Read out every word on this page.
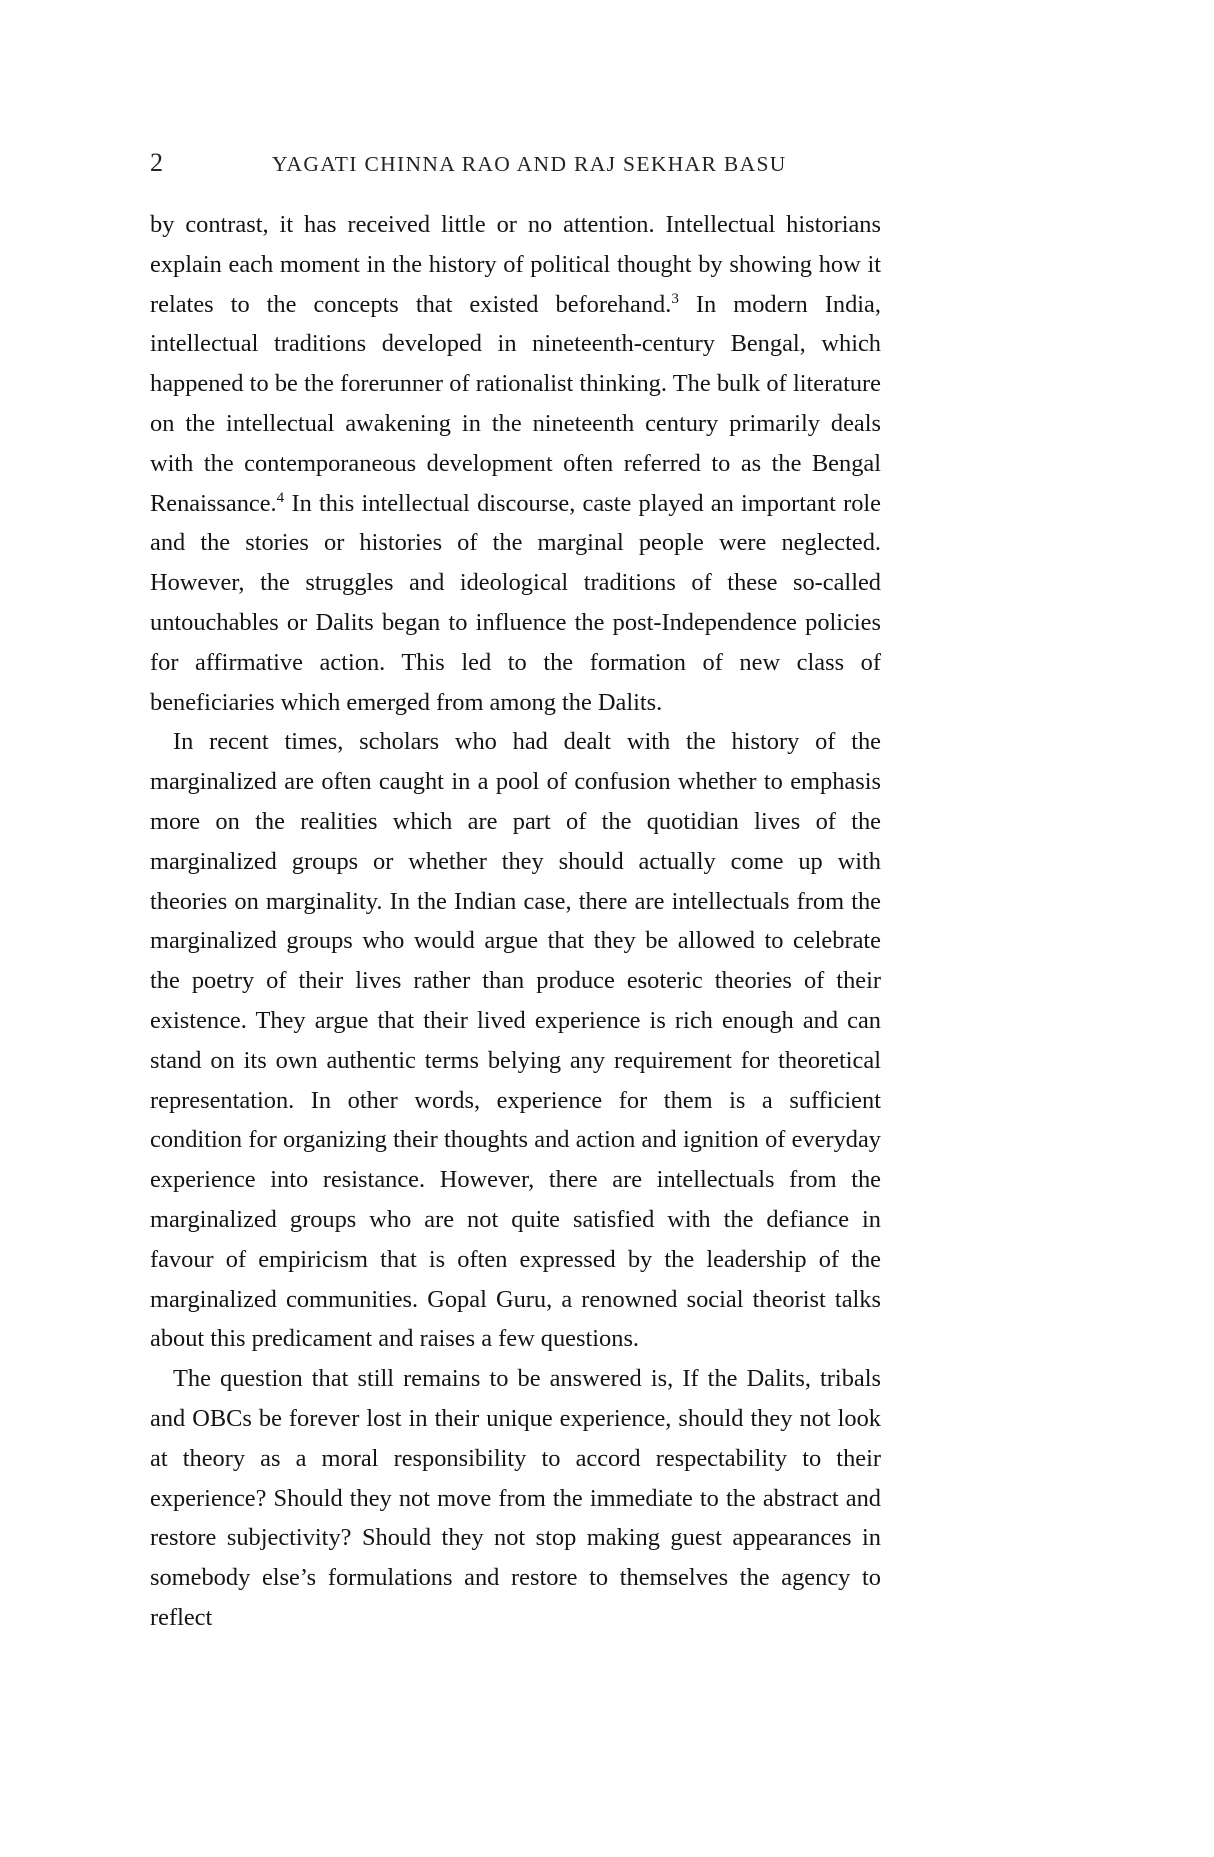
2	YAGATI CHINNA RAO AND RAJ SEKHAR BASU

by contrast, it has received little or no attention. Intellectual historians explain each moment in the history of political thought by showing how it relates to the concepts that existed beforehand.$^3$ In modern India, intellectual traditions developed in nineteenth-century Bengal, which happened to be the forerunner of rationalist thinking. The bulk of literature on the intellectual awakening in the nineteenth century primarily deals with the contemporaneous development often referred to as the Bengal Renaissance.$^4$ In this intellectual discourse, caste played an important role and the stories or histories of the marginal people were neglected. However, the struggles and ideological traditions of these so-called untouchables or Dalits began to influence the post-Independence policies for affirmative action. This led to the formation of new class of beneficiaries which emerged from among the Dalits.

In recent times, scholars who had dealt with the history of the marginalized are often caught in a pool of confusion whether to emphasis more on the realities which are part of the quotidian lives of the marginalized groups or whether they should actually come up with theories on marginality. In the Indian case, there are intellectuals from the marginalized groups who would argue that they be allowed to celebrate the poetry of their lives rather than produce esoteric theories of their existence. They argue that their lived experience is rich enough and can stand on its own authentic terms belying any requirement for theoretical representation. In other words, experience for them is a sufficient condition for organizing their thoughts and action and ignition of everyday experience into resistance. However, there are intellectuals from the marginalized groups who are not quite satisfied with the defiance in favour of empiricism that is often expressed by the leadership of the marginalized communities. Gopal Guru, a renowned social theorist talks about this predicament and raises a few questions.

The question that still remains to be answered is, If the Dalits, tribals and OBCs be forever lost in their unique experience, should they not look at theory as a moral responsibility to accord respectability to their experience? Should they not move from the immediate to the abstract and restore subjectivity? Should they not stop making guest appearances in somebody else’s formulations and restore to themselves the agency to reflect
